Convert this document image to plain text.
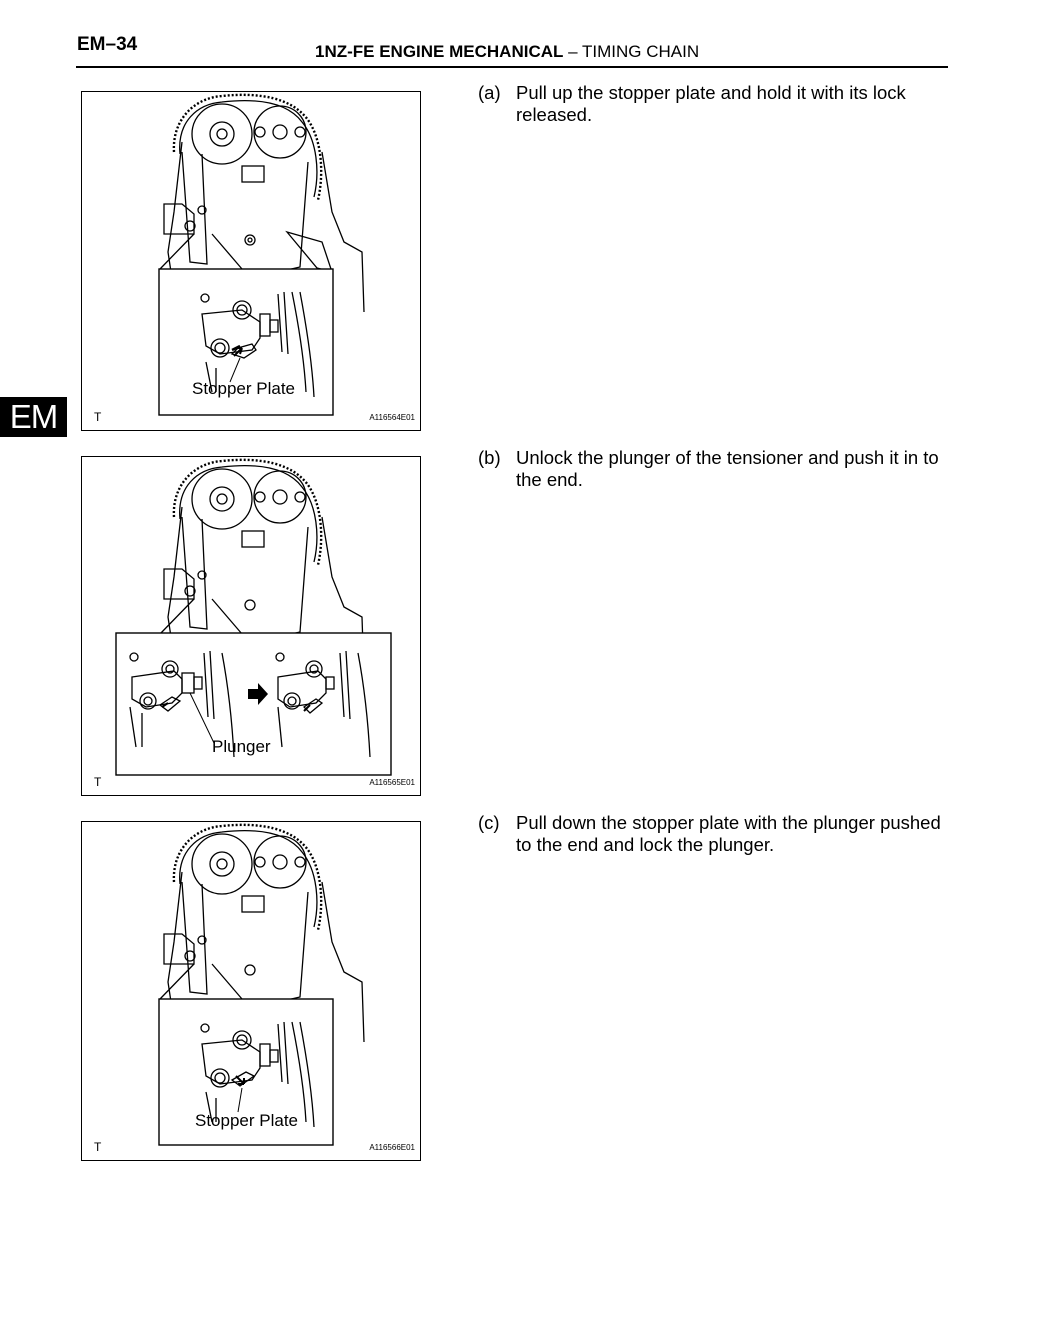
EM–34	1NZ-FE ENGINE MECHANICAL – TIMING CHAIN
EM
Stopper Plate
T	A116564E01
Plunger
T	A116565E01
Stopper Plate
T	A116566E01
(a) Pull up the stopper plate and hold it with its lock released.
(b) Unlock the plunger of the tensioner and push it in to the end.
(c) Pull down the stopper plate with the plunger pushed to the end and lock the plunger.
